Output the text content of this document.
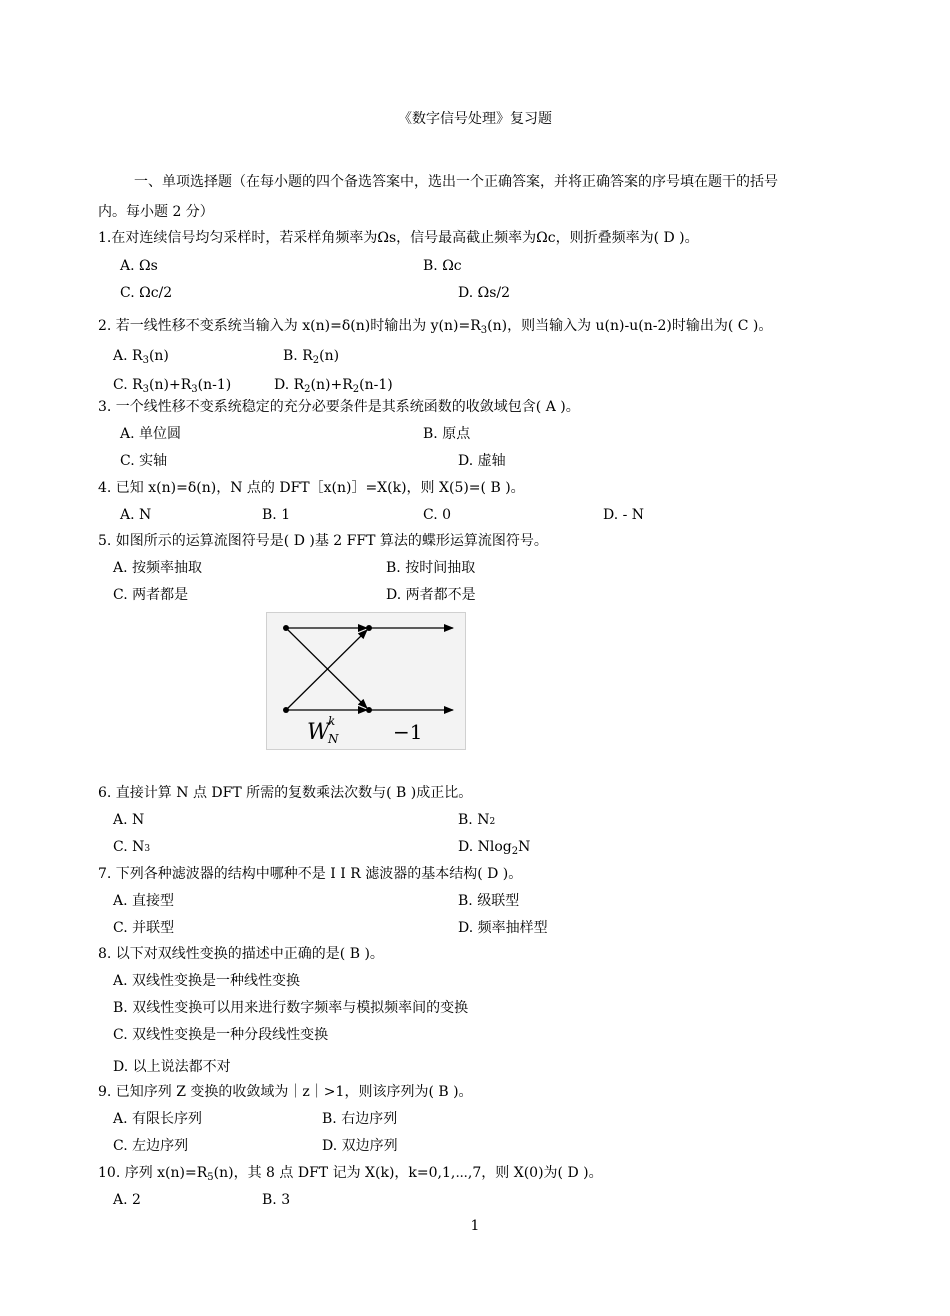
《数字信号处理》复习题
一、单项选择题（在每小题的四个备选答案中，选出一个正确答案，并将正确答案的序号填在题干的括号
内。每小题 2 分）
1.在对连续信号均匀采样时，若采样角频率为Ωs，信号最高截止频率为Ωc，则折叠频率为( D )。
A. Ωs	B. Ωc
C. Ωc/2	D. Ωs/2
2. 若一线性移不变系统当输入为 x(n)=δ(n)时输出为 $y(n)=R_3(n)$，则当输入为 u(n)-u(n-2)时输出为( C )。
A. $R_3(n)$	B. $R_2(n)$
C. $R_3(n)+R_3(n-1)$	D. $R_2(n)+R_2(n-1)$
3. 一个线性移不变系统稳定的充分必要条件是其系统函数的收敛域包含( A )。
A. 单位圆	B. 原点
C. 实轴	D. 虚轴
4. 已知 x(n)=δ(n)，N 点的 DFT［x(n)］=X(k)，则 X(5)=( B )。
A. N	B. 1	C. 0	D. - N
5. 如图所示的运算流图符号是( D )基 2 FFT 算法的蝶形运算流图符号。
A. 按频率抽取	B. 按时间抽取
C. 两者都是	D. 两者都不是
W
k
N	−1
6. 直接计算 N 点 DFT 所需的复数乘法次数与( B )成正比。
A. N	B. N2
C. N3	D. Nlog$_2$N
7. 下列各种滤波器的结构中哪种不是 I I R 滤波器的基本结构( D )。
A. 直接型	B. 级联型
C. 并联型	D. 频率抽样型
8. 以下对双线性变换的描述中正确的是( B )。
A. 双线性变换是一种线性变换
B. 双线性变换可以用来进行数字频率与模拟频率间的变换
C. 双线性变换是一种分段线性变换
D. 以上说法都不对
9. 已知序列 Z 变换的收敛域为｜z｜>1，则该序列为( B )。
A. 有限长序列	B. 右边序列
C. 左边序列	D. 双边序列
10. 序列 $x(n)=R_5(n)$，其 8 点 DFT 记为 X(k)，k=0,1,⋯,7，则 X(0)为( D )。
A. 2	B. 3
1
